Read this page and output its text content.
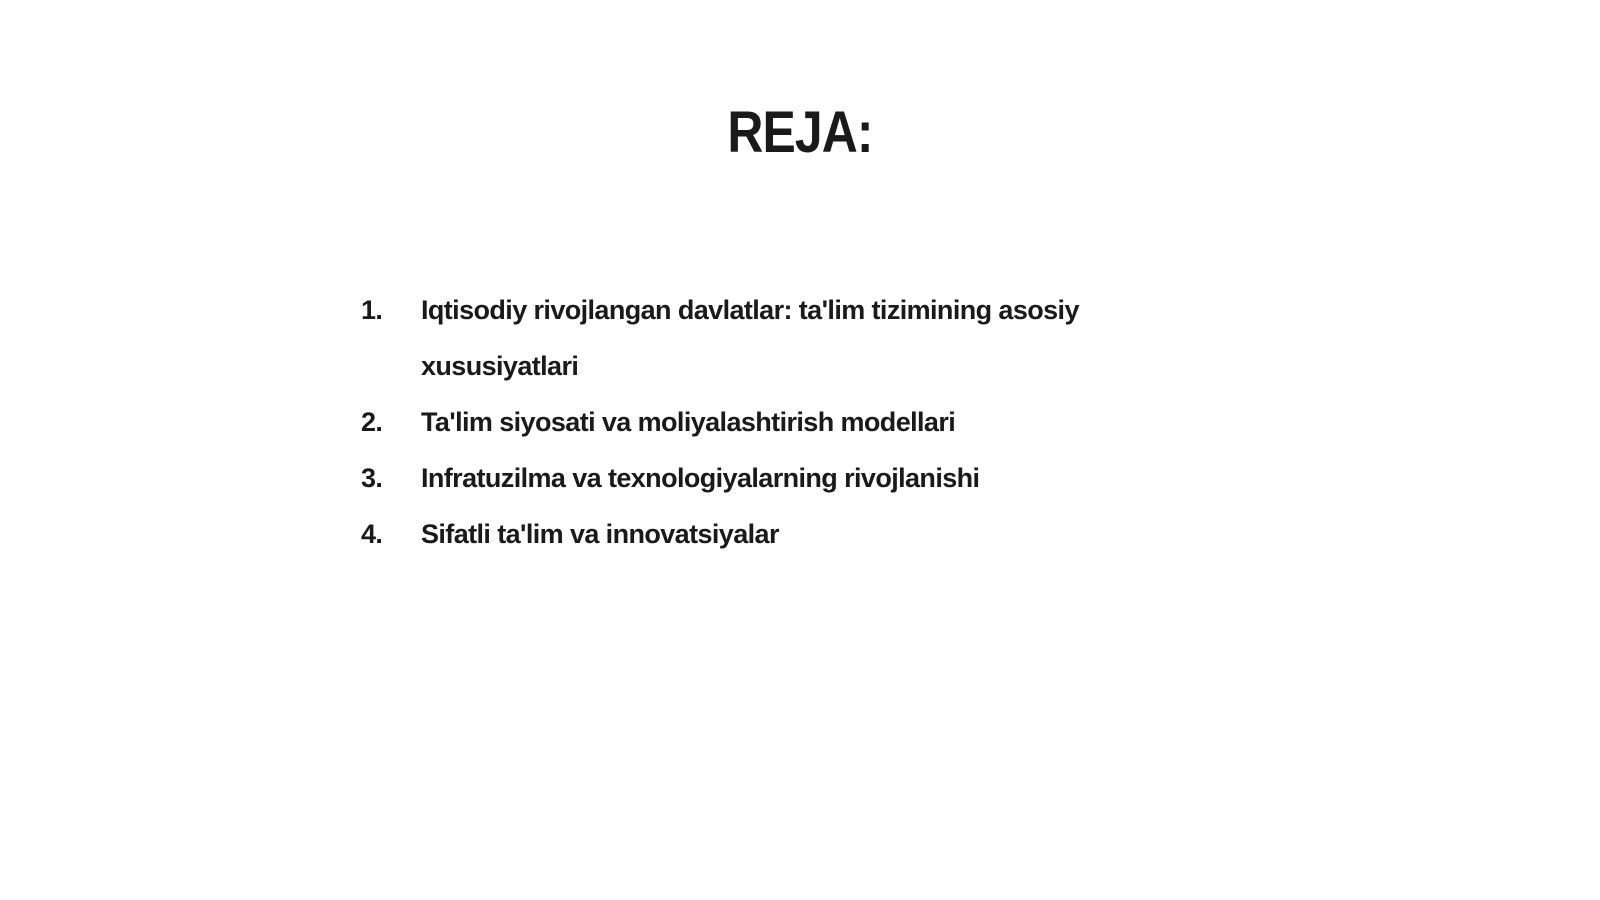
REJA:
1.	Iqtisodiy rivojlangan davlatlar: ta'lim tizimining asosiy xususiyatlari
2.	Ta'lim siyosati va moliyalashtirish modellari
3.	Infratuzilma va texnologiyalarning rivojlanishi
4.	Sifatli ta'lim va innovatsiyalar
